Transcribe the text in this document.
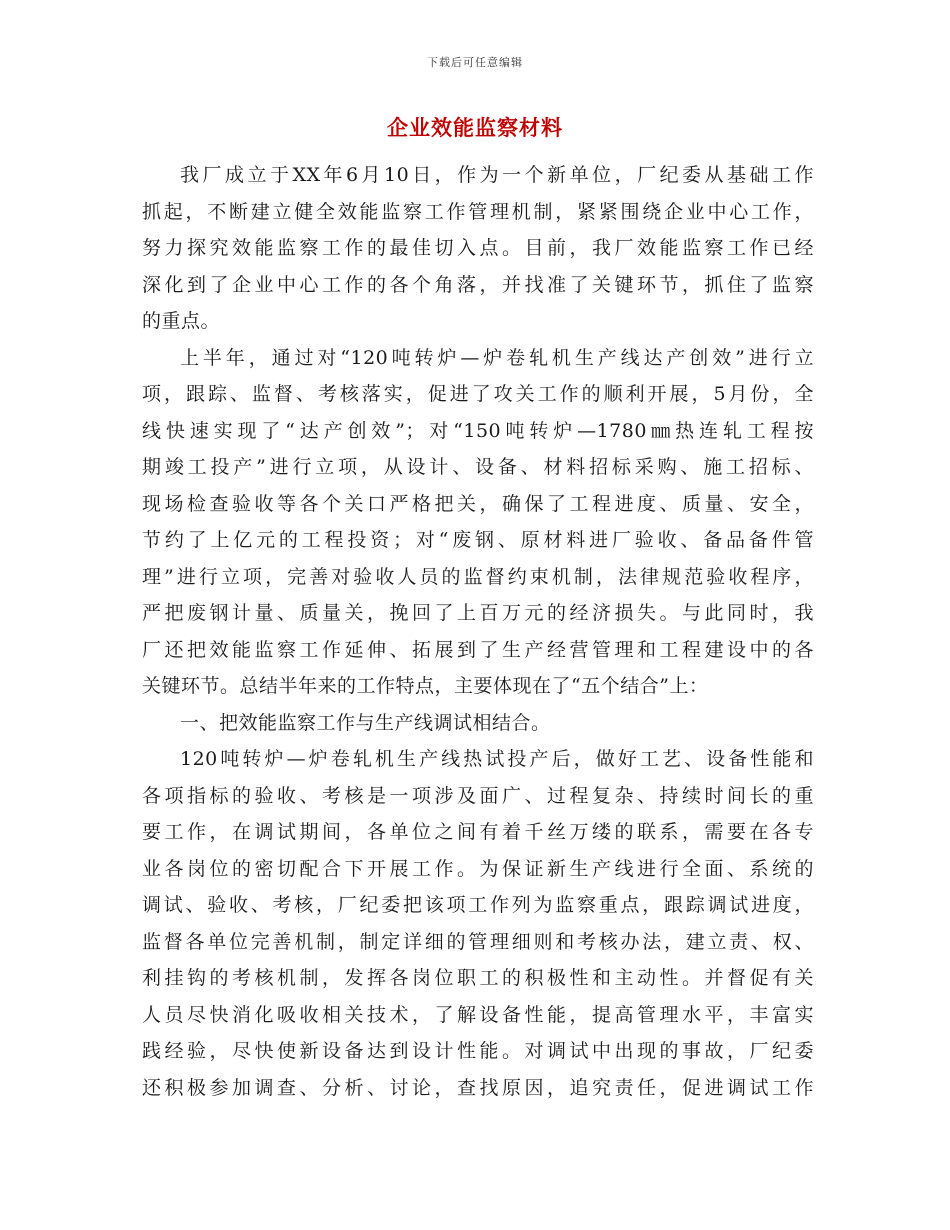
下载后可任意编辑
企业效能监察材料
我厂成立于XX年6月10日，作为一个新单位，厂纪委从基础工作
抓起，不断建立健全效能监察工作管理机制，紧紧围绕企业中心工作，
努力探究效能监察工作的最佳切入点。目前，我厂效能监察工作已经
深化到了企业中心工作的各个角落，并找准了关键环节，抓住了监察
的重点。
上半年，通过对“120吨转炉—炉卷轧机生产线达产创效”进行立
项，跟踪、监督、考核落实，促进了攻关工作的顺利开展，5月份，全
线快速实现了“达产创效”；对“150吨转炉—1780㎜热连轧工程按
期竣工投产”进行立项，从设计、设备、材料招标采购、施工招标、
现场检查验收等各个关口严格把关，确保了工程进度、质量、安全，
节约了上亿元的工程投资；对“废钢、原材料进厂验收、备品备件管
理”进行立项，完善对验收人员的监督约束机制，法律规范验收程序，
严把废钢计量、质量关，挽回了上百万元的经济损失。与此同时，我
厂还把效能监察工作延伸、拓展到了生产经营管理和工程建设中的各
关键环节。总结半年来的工作特点，主要体现在了“五个结合”上：
一、把效能监察工作与生产线调试相结合。
120吨转炉—炉卷轧机生产线热试投产后，做好工艺、设备性能和
各项指标的验收、考核是一项涉及面广、过程复杂、持续时间长的重
要工作，在调试期间，各单位之间有着千丝万缕的联系，需要在各专
业各岗位的密切配合下开展工作。为保证新生产线进行全面、系统的
调试、验收、考核，厂纪委把该项工作列为监察重点，跟踪调试进度，
监督各单位完善机制，制定详细的管理细则和考核办法，建立责、权、
利挂钩的考核机制，发挥各岗位职工的积极性和主动性。并督促有关
人员尽快消化吸收相关技术，了解设备性能，提高管理水平，丰富实
践经验，尽快使新设备达到设计性能。对调试中出现的事故，厂纪委
还积极参加调查、分析、讨论，查找原因，追究责任，促进调试工作
